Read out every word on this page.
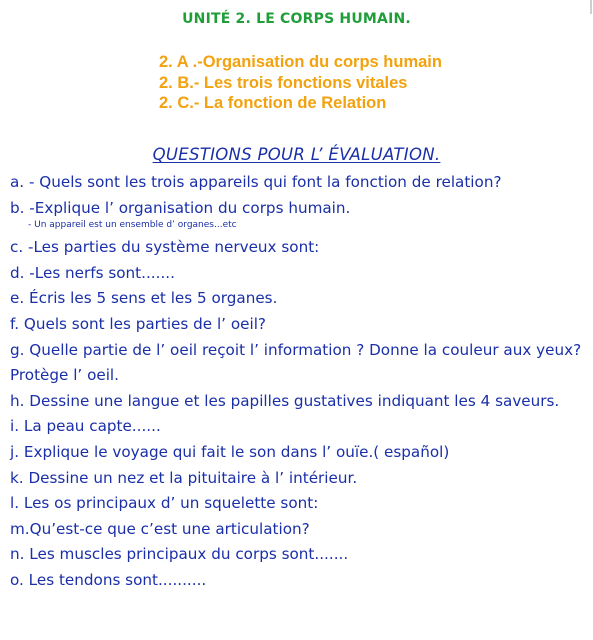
UNITÉ 2. LE CORPS HUMAIN.
2. A .-Organisation du corps humain
2. B.- Les trois fonctions vitales
2. C.- La fonction de Relation
QUESTIONS POUR L’ ÉVALUATION.
a. - Quels sont les trois appareils qui font la fonction de relation?
b. -Explique l’ organisation du corps humain.
- Un appareil est un ensemble d’ organes...etc
c. -Les parties du système nerveux sont:
d. -Les nerfs sont.......
e. Écris les 5 sens et les 5 organes.
f. Quels sont les parties de l’ oeil?
g. Quelle partie de l’ oeil reçoit l’ information ? Donne la couleur aux yeux? Protège l’ oeil.
h. Dessine une langue et les papilles gustatives indiquant les 4 saveurs.
i. La peau capte......
j. Explique le voyage qui fait le son dans l’ ouïe.( español)
k. Dessine un nez et la pituitaire à l’ intérieur.
l. Les os principaux d’ un squelette sont:
m.Qu’est-ce que c’est une articulation?
n. Les muscles principaux du corps sont.......
o. Les tendons sont..........
